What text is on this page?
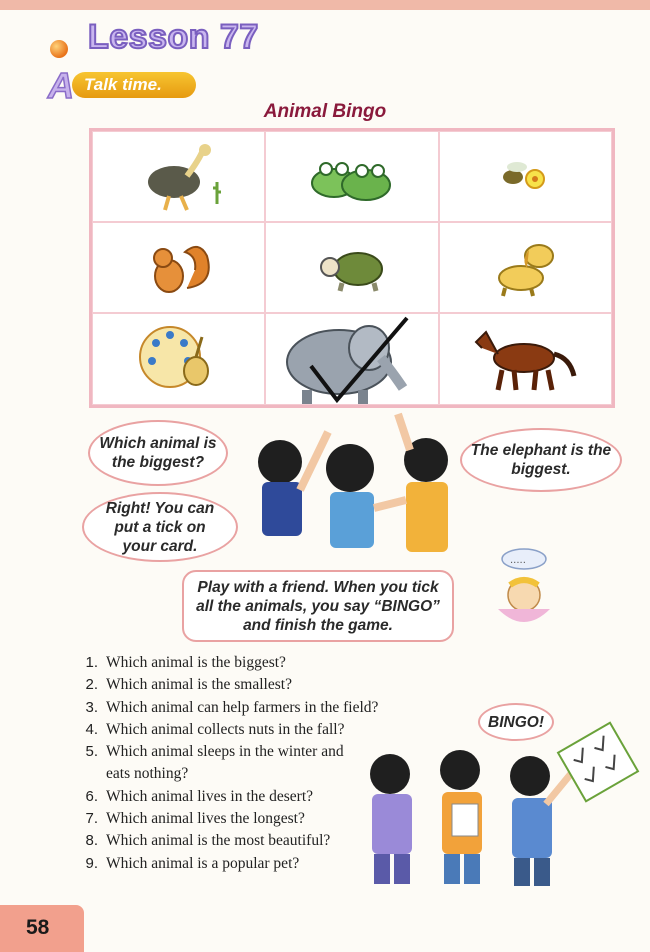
Lesson 77
Talk time.
A
Animal Bingo
Which animal is the biggest?
The elephant is the biggest.
Right! You can put a tick on your card.
Play with a friend. When you tick all the animals, you say “BINGO” and finish the game.
.....
1. Which animal is the biggest?
2. Which animal is the smallest?
3. Which animal can help farmers in the field?
4. Which animal collects nuts in the fall?
5. Which animal sleeps in the winter and eats nothing?
6. Which animal lives in the desert?
7. Which animal lives the longest?
8. Which animal is the most beautiful?
9. Which animal is a popular pet?
BINGO!
58
